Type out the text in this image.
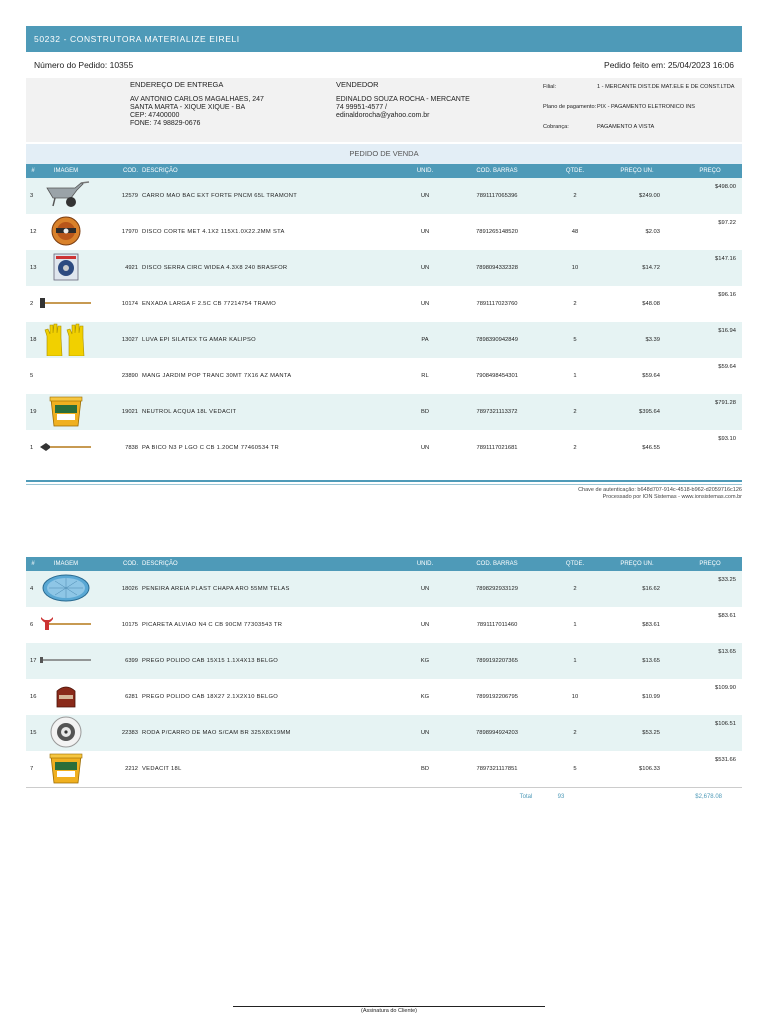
50232 - CONSTRUTORA MATERIALIZE EIRELI
Número do Pedido: 10355	Pedido feito em: 25/04/2023 16:06
ENDEREÇO DE ENTREGA
AV ANTONIO CARLOS MAGALHAES, 247
SANTA MARTA - XIQUE XIQUE - BA
CEP: 47400000
FONE: 74 98829-0676
VENDEDOR
EDINALDO SOUZA ROCHA - MERCANTE
74 99951-4577 /
edinaldorocha@yahoo.com.br
Filial:	1 - MERCANTE DIST.DE MAT.ELE E DE CONST.LTDA
Plano de pagamento:PIX - PAGAMENTO ELETRONICO INS
Cobrança:	PAGAMENTO A VISTA
PEDIDO DE VENDA
#	IMAGEM	COD.	DESCRIÇÃO	UNID.	COD. BARRAS	QTDE.	PREÇO UN.	PREÇO
3		12579	CARRO MAO BAC EXT FORTE PNCM 65L TRAMONT	UN	7891117065396	2	$249.00	$498.00
12		17970	DISCO CORTE MET 4.1X2 115X1.0X22.2MM STA	UN	7891265148520	48	$2.03	$97.22
13		4921	DISCO SERRA CIRC WIDEA 4.3X8 240 BRASFOR	UN	7898094332328	10	$14.72	$147.16
2		10174	ENXADA LARGA F 2.5C CB 77214754 TRAMO	UN	7891117023760	2	$48.08	$96.16
18		13027	LUVA EPI SILATEX TG AMAR KALIPSO	PA	7898390942849	5	$3.39	$16.94
5		23890	MANG JARDIM POP TRANC 30MT 7X16 AZ MANTA	RL	7908498454301	1	$59.64	$59.64
19		19021	NEUTROL ACQUA 18L VEDACIT	BD	7897321113372	2	$395.64	$791.28
1		7838	PA BICO N3 P LGO C CB 1.20CM 77460534 TR	UN	7891117021681	2	$46.55	$93.10
Chave de autenticação: b648d707-914c-4518-b962-d2059716c126
Processado por ION Sistemas - www.ionsistemas.com.br
#	IMAGEM	COD.	DESCRIÇÃO	UNID.	COD. BARRAS	QTDE.	PREÇO UN.	PREÇO
4		18026	PENEIRA AREIA PLAST CHAPA ARO 55MM TELAS	UN	7898292933129	2	$16.62	$33.25
6		10175	PICARETA ALVIAO N4 C CB 90CM 77303543 TR	UN	7891117011460	1	$83.61	$83.61
17		6399	PREGO POLIDO CAB 15X15 1.1X4X13 BELGO	KG	7899192207365	1	$13.65	$13.65
16		6281	PREGO POLIDO CAB 18X27 2.1X2X10 BELGO	KG	7899192206795	10	$10.99	$109.90
15		22383	RODA P/CARRO DE MAO S/CAM BR 325X8X19MM	UN	7898994924203	2	$53.25	$106.51
7		2212	VEDACIT 18L	BD	7897321117851	5	$106.33	$531.66
Total	93	$2,678.08
(Assinatura do Cliente)
